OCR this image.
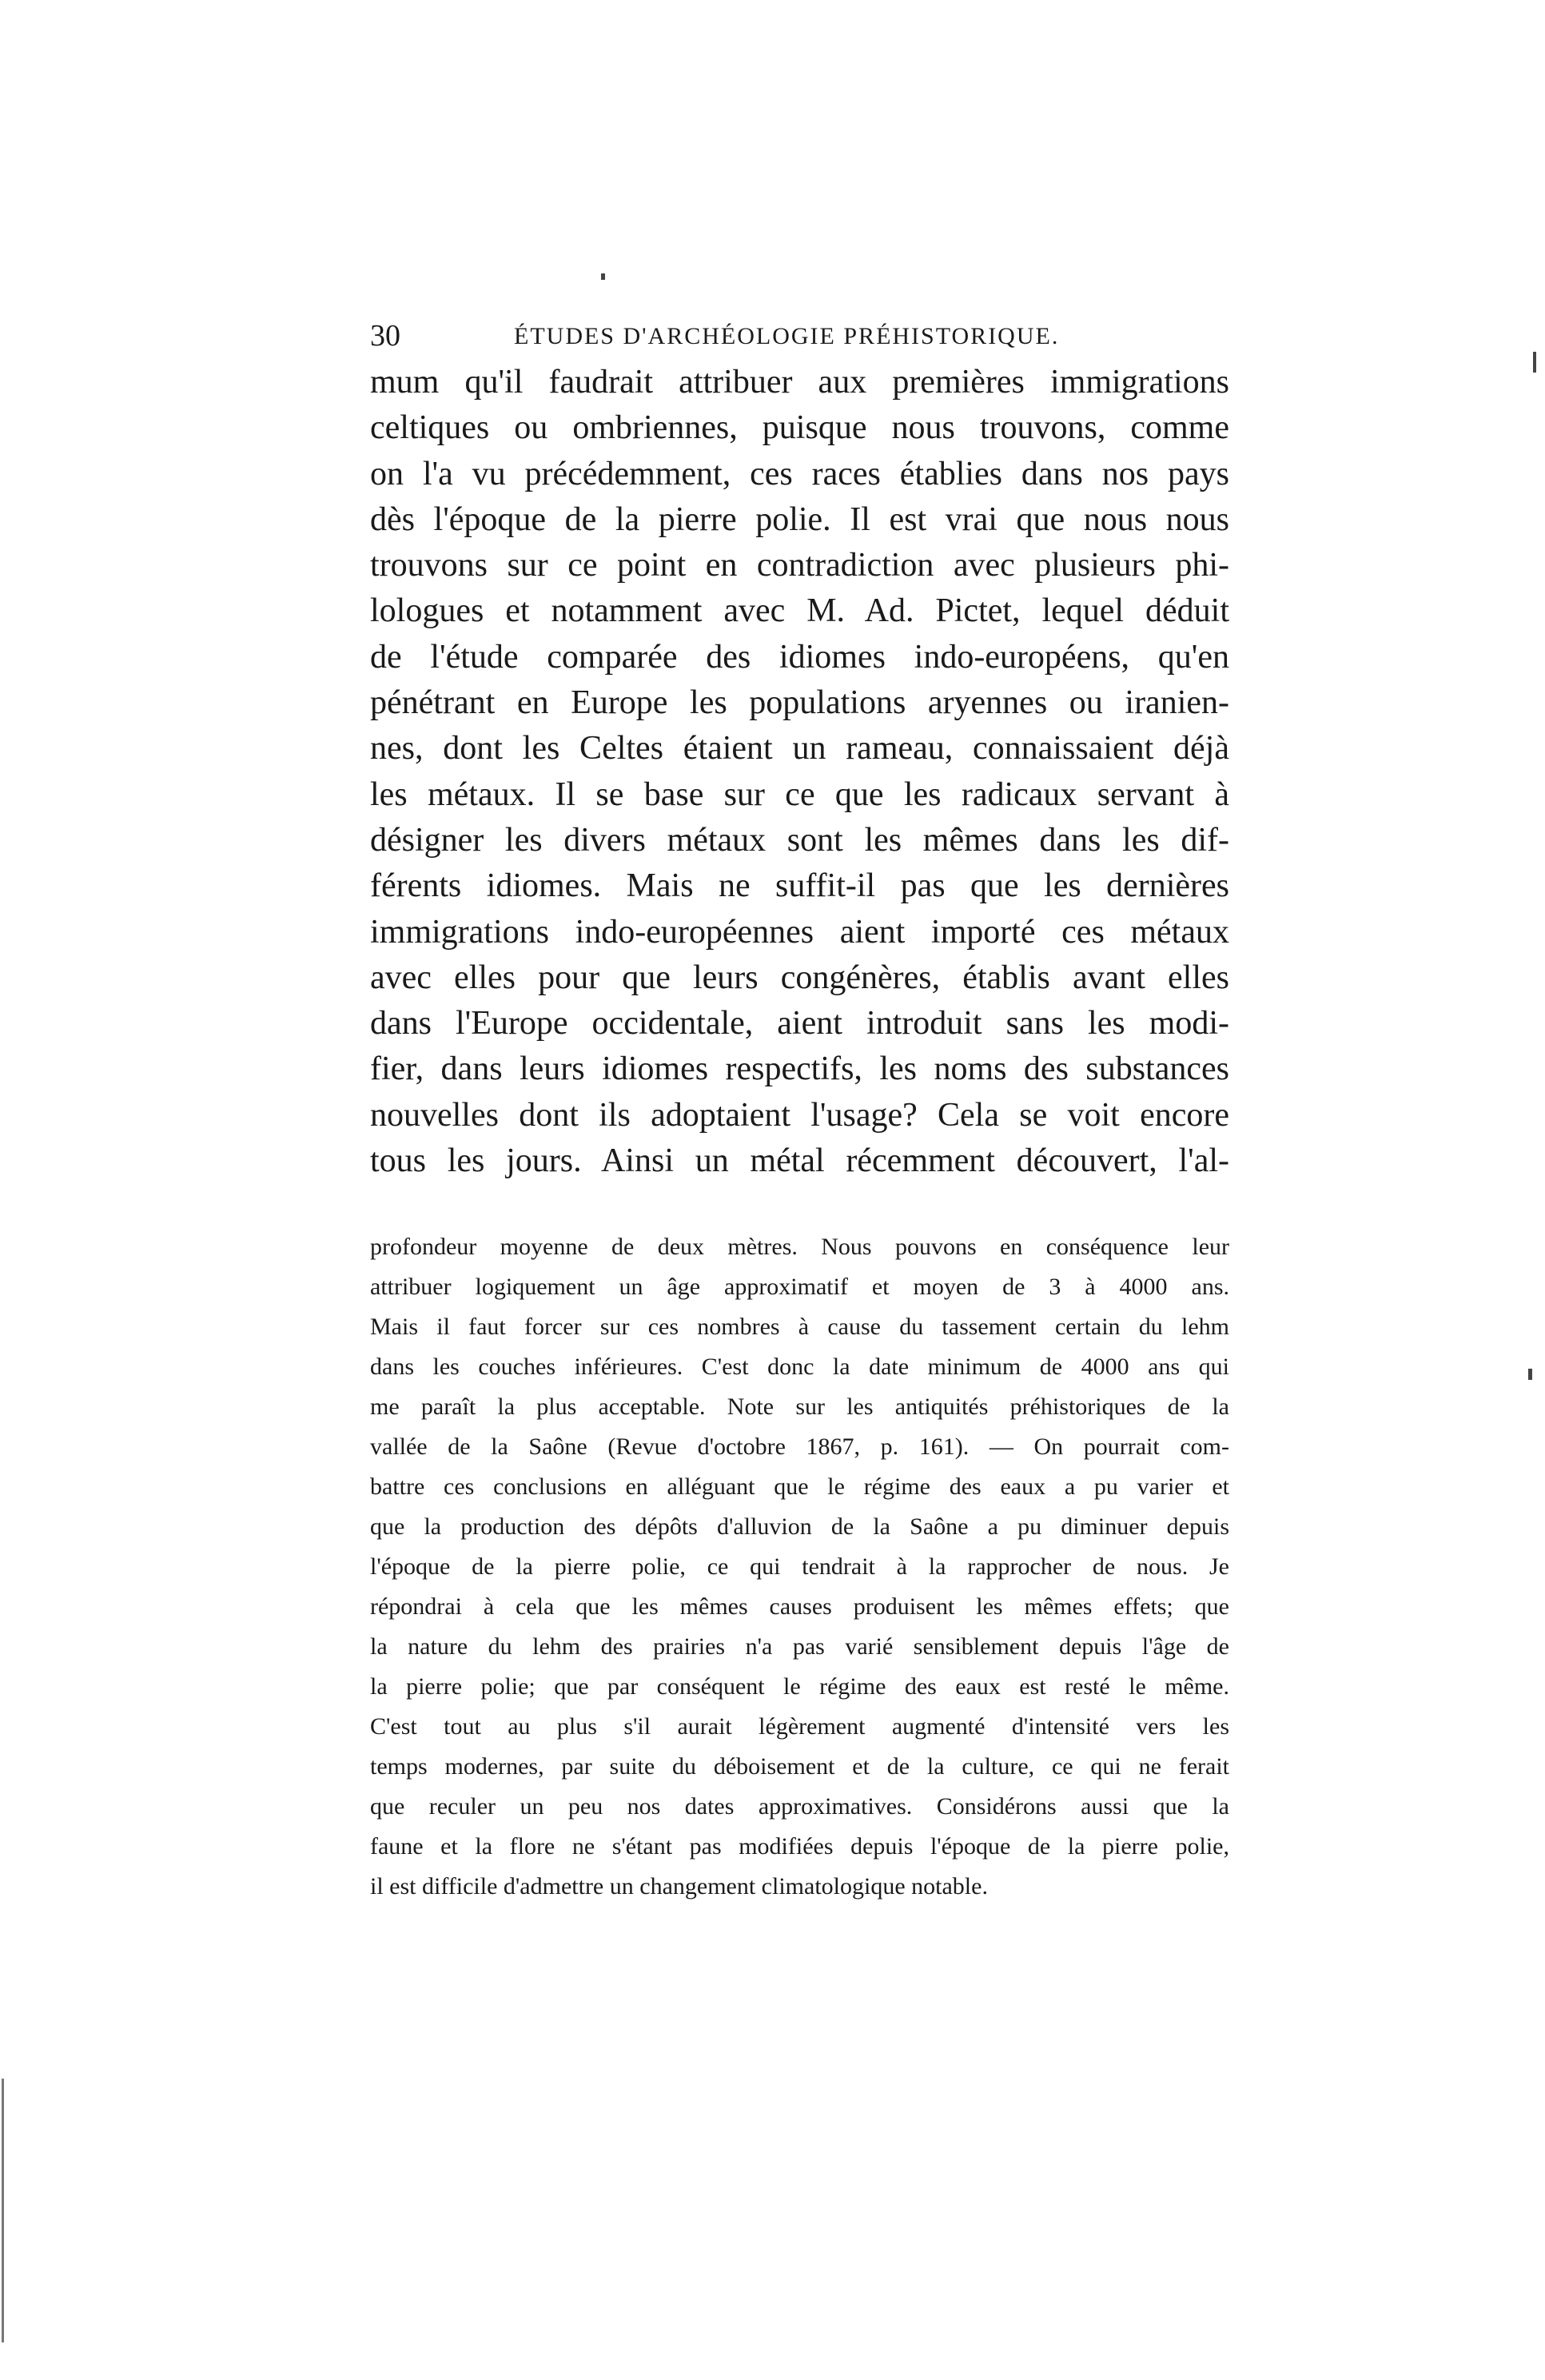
30	ÉTUDES D'ARCHÉOLOGIE PRÉHISTORIQUE.
mum qu'il faudrait attribuer aux premières immigrations
celtiques ou ombriennes, puisque nous trouvons, comme
on l'a vu précédemment, ces races établies dans nos pays
dès l'époque de la pierre polie. Il est vrai que nous nous
trouvons sur ce point en contradiction avec plusieurs phi-
lologues et notamment avec M. Ad. Pictet, lequel déduit
de l'étude comparée des idiomes indo-européens, qu'en
pénétrant en Europe les populations aryennes ou iranien-
nes, dont les Celtes étaient un rameau, connaissaient déjà
les métaux. Il se base sur ce que les radicaux servant à
désigner les divers métaux sont les mêmes dans les dif-
férents idiomes. Mais ne suffit-il pas que les dernières
immigrations indo-européennes aient importé ces métaux
avec elles pour que leurs congénères, établis avant elles
dans l'Europe occidentale, aient introduit sans les modi-
fier, dans leurs idiomes respectifs, les noms des substances
nouvelles dont ils adoptaient l'usage? Cela se voit encore
tous les jours. Ainsi un métal récemment découvert, l'al-
profondeur moyenne de deux mètres. Nous pouvons en conséquence leur
attribuer logiquement un âge approximatif et moyen de 3 à 4000 ans.
Mais il faut forcer sur ces nombres à cause du tassement certain du lehm
dans les couches inférieures. C'est donc la date minimum de 4000 ans qui
me paraît la plus acceptable. Note sur les antiquités préhistoriques de la
vallée de la Saône (Revue d'octobre 1867, p. 161). — On pourrait com-
battre ces conclusions en alléguant que le régime des eaux a pu varier et
que la production des dépôts d'alluvion de la Saône a pu diminuer depuis
l'époque de la pierre polie, ce qui tendrait à la rapprocher de nous. Je
répondrai à cela que les mêmes causes produisent les mêmes effets; que
la nature du lehm des prairies n'a pas varié sensiblement depuis l'âge de
la pierre polie; que par conséquent le régime des eaux est resté le même.
C'est tout au plus s'il aurait légèrement augmenté d'intensité vers les
temps modernes, par suite du déboisement et de la culture, ce qui ne ferait
que reculer un peu nos dates approximatives. Considérons aussi que la
faune et la flore ne s'étant pas modifiées depuis l'époque de la pierre polie,
il est difficile d'admettre un changement climatologique notable.
